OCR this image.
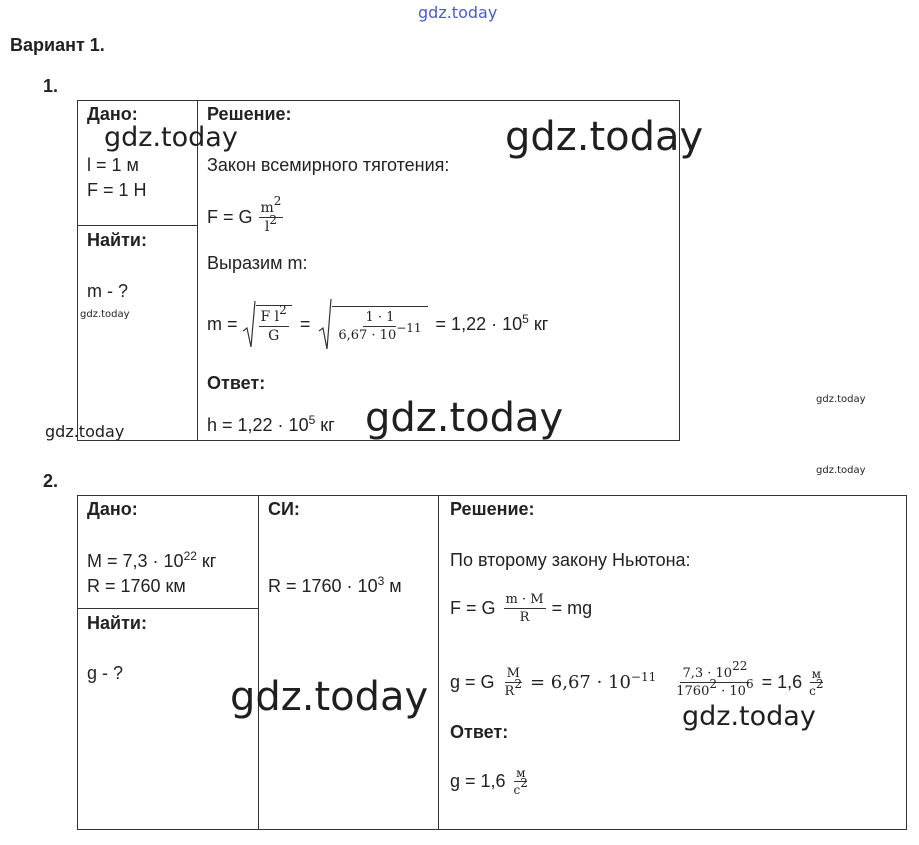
gdz.today
Вариант 1.
1.
Дано:
l = 1 м
F = 1 Н
Найти:
m - ?
Решение:
Закон всемирного тяготения:
F = G $\frac{m^2}{l^2}$
Выразим m:
$m = \frac{F l^2}{G} = \frac{1 \cdot 1}{6,67 \cdot 10^{-11}} = 1,22 \cdot 10^5$ кг
Ответ:
$h = 1,22 \cdot 10^5$ кг
2.
Дано:
$M = 7,3 \cdot 10^{22}$ кг
R = 1760 км
Найти:
g - ?
СИ:
$R = 1760 \cdot 10^3$ м
Решение:
По второму закону Ньютона:
F = G $\frac{m \cdot M}{R}$ = mg
g = G $\frac{M}{R^2} = 6,67 \cdot 10^{-11} \frac{7,3 \cdot 10^{22}}{1760^2 \cdot 10^6} = 1,6 \frac{м}{с^2}$
Ответ:
$g = 1,6 \frac{м}{с^2}$
gdz.today	gdz.today
gdz.today
gdz.today	gdz.today	gdz.today
gdz.today
gdz.today	gdz.today
